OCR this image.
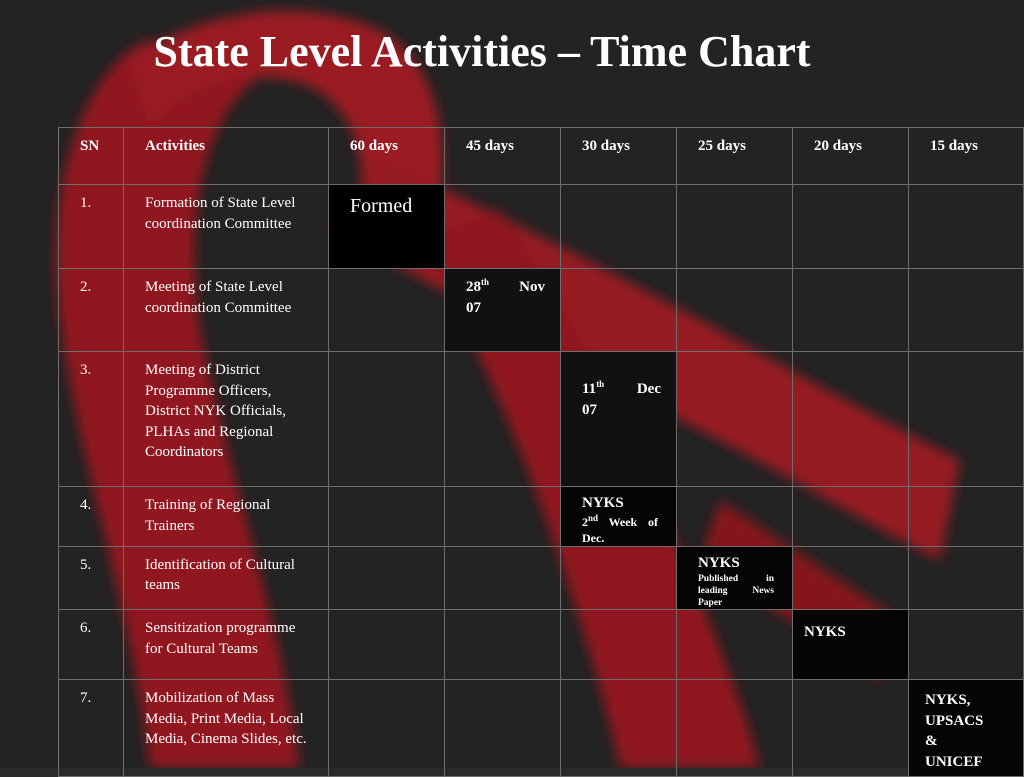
State Level Activities – Time Chart
SN	Activities	60 days	45 days	30 days	25 days	20 days	15 days
1.	Formation of State Level coordination Committee	Formed					
2.	Meeting of State Level coordination Committee		28th Nov
07				

3.	Meeting of District Programme Officers, District NYK Officials, PLHAs and Regional Coordinators			11th Dec
07			

4.	Training of Regional Trainers			NYKS
2nd Week of Dec.			

5.	Identification of Cultural teams				NYKS
Published in
leading News
Paper		

6.	Sensitization programme for Cultural Teams					NYKS	

7.	Mobilization of Mass Media, Print Media, Local Media, Cinema Slides, etc.						NYKS,
UPSACS
&
UNICEF
